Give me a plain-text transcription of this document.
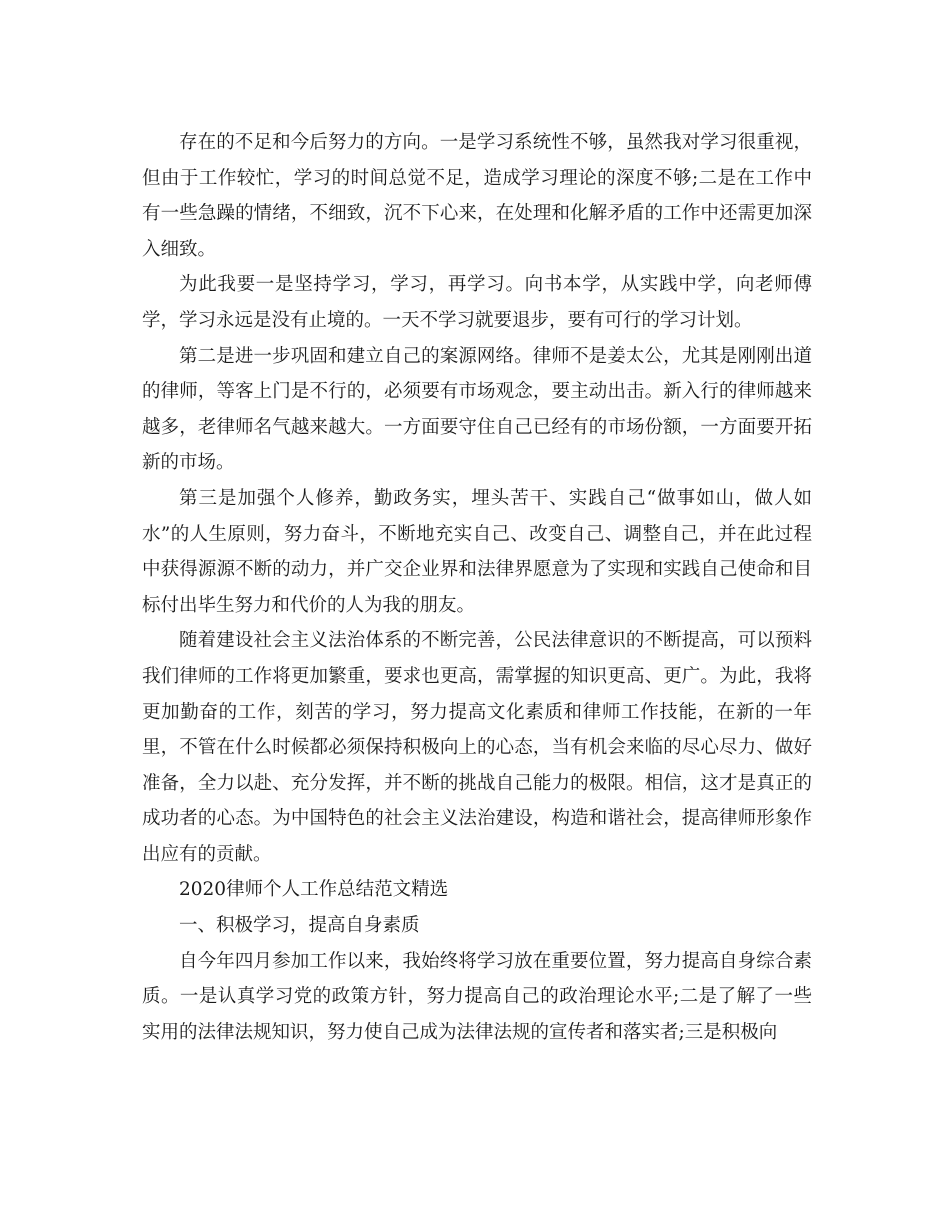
存在的不足和今后努力的方向。一是学习系统性不够，虽然我对学习很重视，但由于工作较忙，学习的时间总觉不足，造成学习理论的深度不够;二是在工作中有一些急躁的情绪，不细致，沉不下心来，在处理和化解矛盾的工作中还需更加深入细致。

为此我要一是坚持学习，学习，再学习。向书本学，从实践中学，向老师傅学，学习永远是没有止境的。一天不学习就要退步，要有可行的学习计划。

第二是进一步巩固和建立自己的案源网络。律师不是姜太公，尤其是刚刚出道的律师，等客上门是不行的，必须要有市场观念，要主动出击。新入行的律师越来越多，老律师名气越来越大。一方面要守住自己已经有的市场份额，一方面要开拓新的市场。

第三是加强个人修养，勤政务实，埋头苦干、实践自己“做事如山，做人如水”的人生原则，努力奋斗，不断地充实自己、改变自己、调整自己，并在此过程中获得源源不断的动力，并广交企业界和法律界愿意为了实现和实践自己使命和目标付出毕生努力和代价的人为我的朋友。

随着建设社会主义法治体系的不断完善，公民法律意识的不断提高，可以预料我们律师的工作将更加繁重，要求也更高，需掌握的知识更高、更广。为此，我将更加勤奋的工作，刻苦的学习，努力提高文化素质和律师工作技能，在新的一年里，不管在什么时候都必须保持积极向上的心态，当有机会来临的尽心尽力、做好准备，全力以赴、充分发挥，并不断的挑战自己能力的极限。相信，这才是真正的成功者的心态。为中国特色的社会主义法治建设，构造和谐社会，提高律师形象作出应有的贡献。

2020律师个人工作总结范文精选

一、积极学习，提高自身素质

自今年四月参加工作以来，我始终将学习放在重要位置，努力提高自身综合素质。一是认真学习党的政策方针，努力提高自己的政治理论水平;二是了解了一些实用的法律法规知识，努力使自己成为法律法规的宣传者和落实者;三是积极向
